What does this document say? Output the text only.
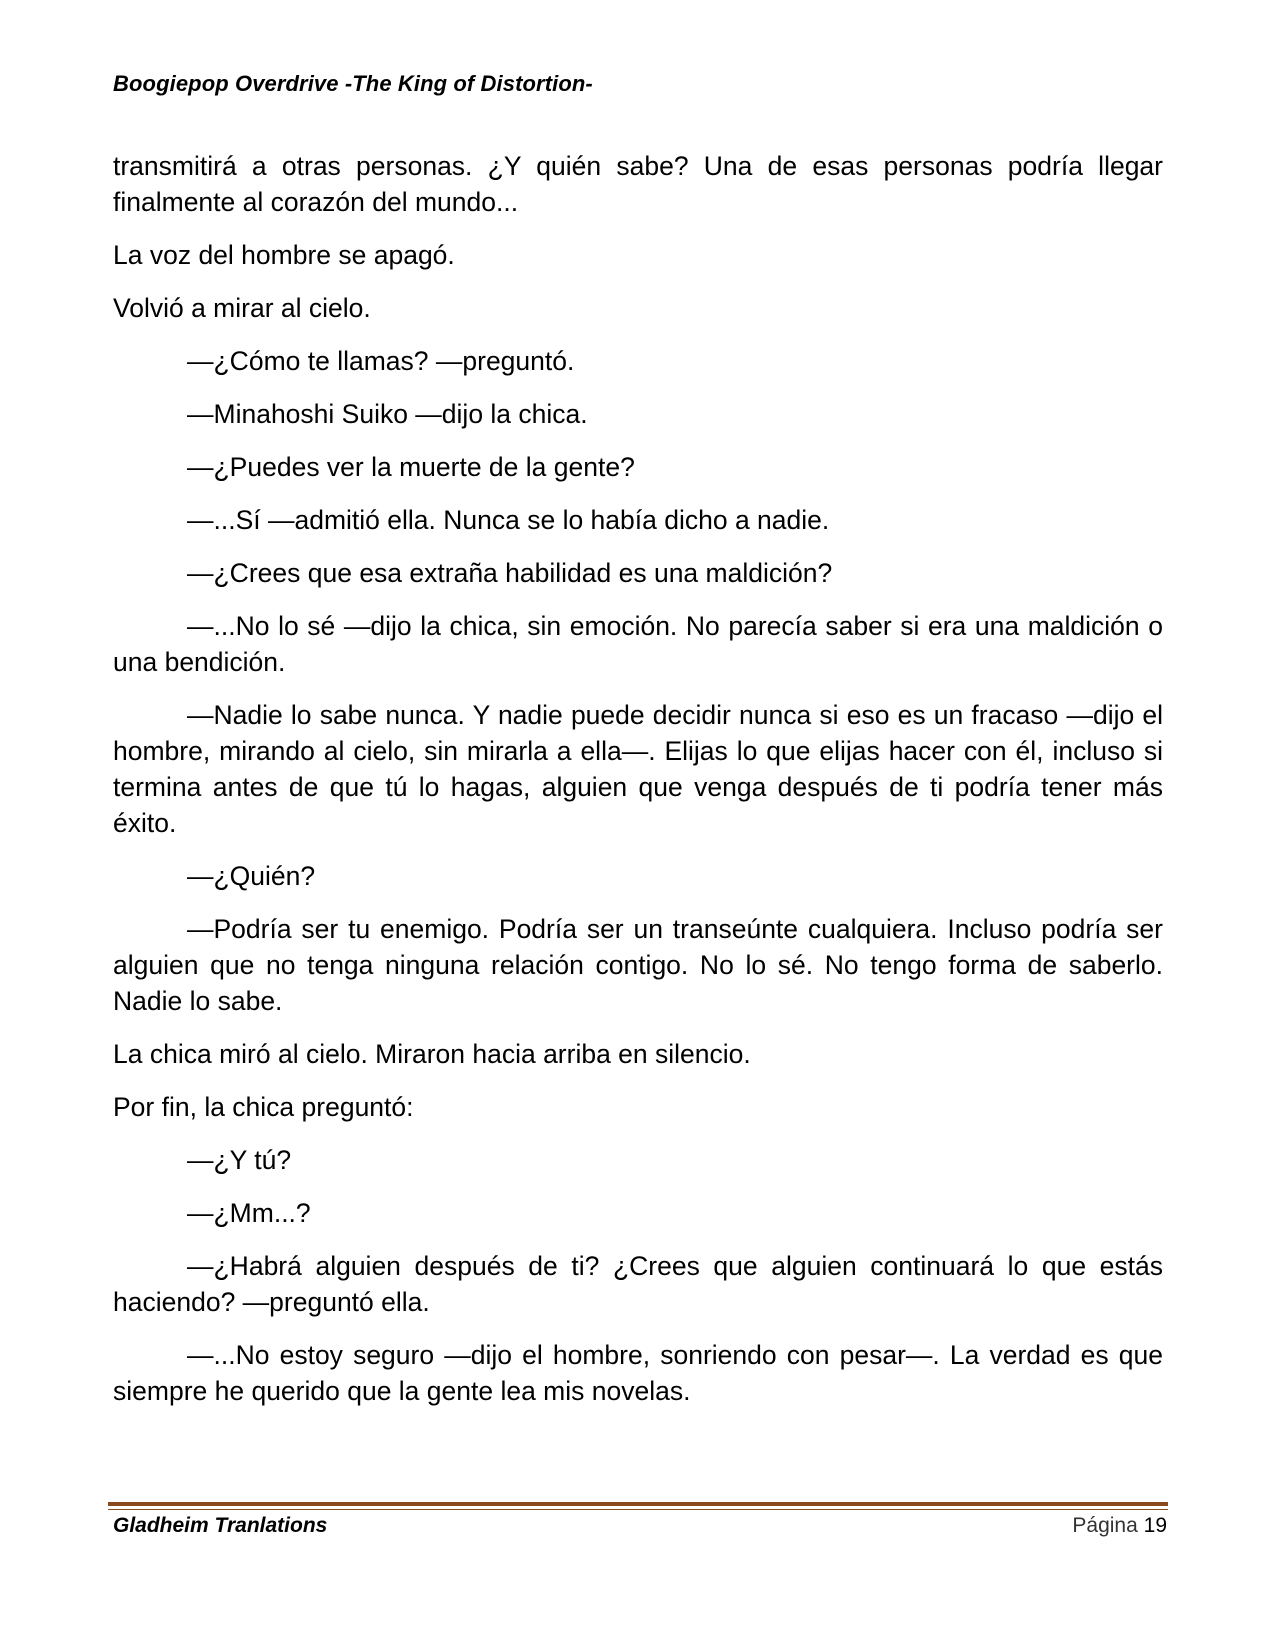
Boogiepop Overdrive -The King of Distortion-

transmitirá a otras personas. ¿Y quién sabe? Una de esas personas podría llegar finalmente al corazón del mundo...

La voz del hombre se apagó.

Volvió a mirar al cielo.

—¿Cómo te llamas? —preguntó.

—Minahoshi Suiko —dijo la chica.

—¿Puedes ver la muerte de la gente?

—...Sí —admitió ella. Nunca se lo había dicho a nadie.

—¿Crees que esa extraña habilidad es una maldición?

—...No lo sé —dijo la chica, sin emoción. No parecía saber si era una maldición o una bendición.

—Nadie lo sabe nunca. Y nadie puede decidir nunca si eso es un fracaso —dijo el hombre, mirando al cielo, sin mirarla a ella—. Elijas lo que elijas hacer con él, incluso si termina antes de que tú lo hagas, alguien que venga después de ti podría tener más éxito.

—¿Quién?

—Podría ser tu enemigo. Podría ser un transeúnte cualquiera. Incluso podría ser alguien que no tenga ninguna relación contigo. No lo sé. No tengo forma de saberlo. Nadie lo sabe.

La chica miró al cielo. Miraron hacia arriba en silencio.

Por fin, la chica preguntó:

—¿Y tú?

—¿Mm...?

—¿Habrá alguien después de ti? ¿Crees que alguien continuará lo que estás haciendo? —preguntó ella.

—...No estoy seguro —dijo el hombre, sonriendo con pesar—. La verdad es que siempre he querido que la gente lea mis novelas.

Gladheim Tranlations	Página 19
